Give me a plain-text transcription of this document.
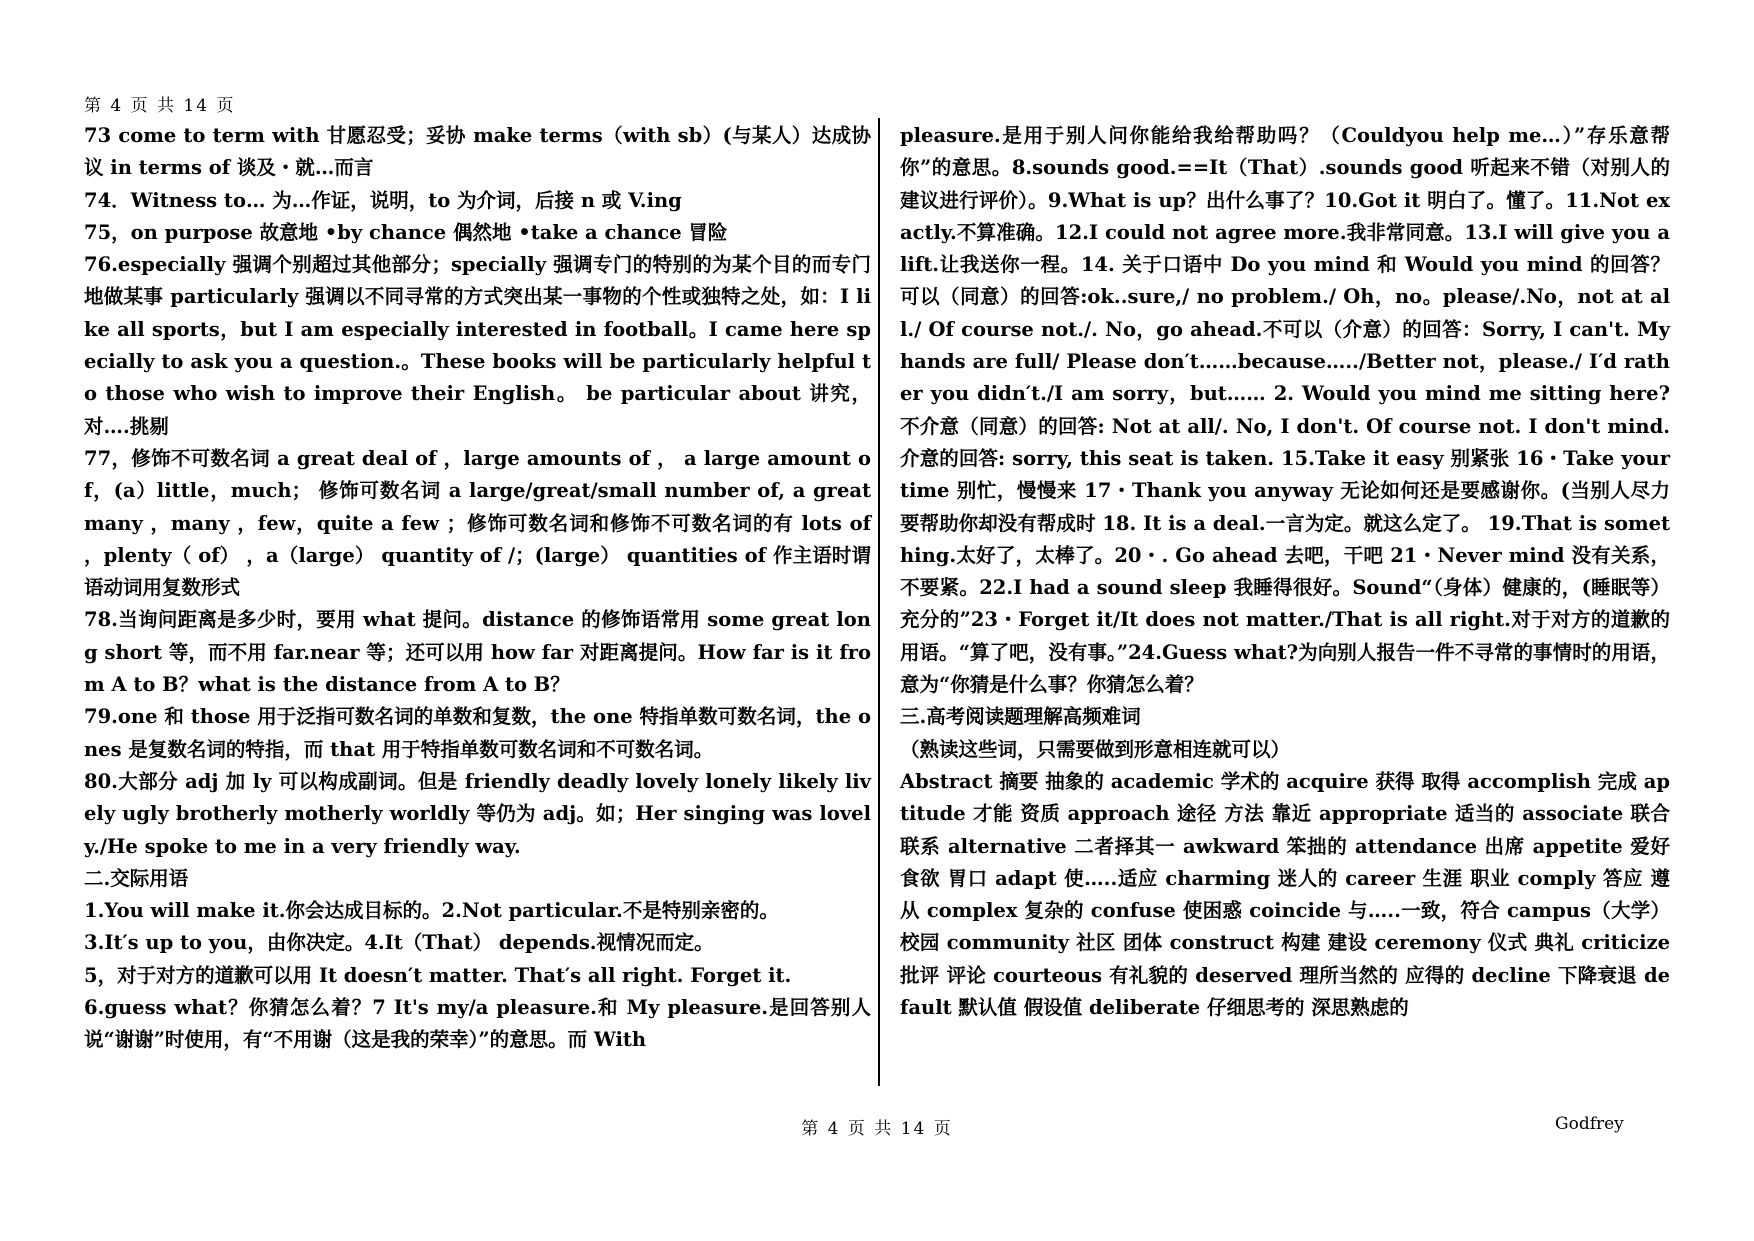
第 4 页 共 14 页

73 come to term with 甘愿忍受；妥协 make terms（with sb）(与某人）达成协议 in terms of 谈及・就…而言

74．Witness to… 为…作证，说明，to 为介词，后接 n 或 V.ing

75，on purpose 故意地 •by chance 偶然地 •take a chance 冒险

76.especially 强调个别超过其他部分；specially 强调专门的特别的为某个目的而专门地做某事 particularly 强调以不同寻常的方式突出某一事物的个性或独特之处，如：I like all sports，but I am especially interested in football。I came here specially to ask you a question.。These books will be particularly helpful to those who wish to improve their English。 be particular about 讲究， 对….挑剔

77，修饰不可数名词 a great deal of ，large amounts of ， a large amount of，(a）little，much； 修饰可数名词 a large/great/small number of, a great many ，many ，few，quite a few ；修饰可数名词和修饰不可数名词的有 lots of ，plenty（ of） ，a（large） quantity of /；(large） quantities of 作主语时谓语动词用复数形式

78.当询问距离是多少时，要用 what 提问。distance 的修饰语常用 some great long short 等，而不用 far.near 等；还可以用 how far 对距离提问。How far is it from A to B？what is the distance from A to B？

79.one 和 those 用于泛指可数名词的单数和复数，the one 特指单数可数名词，the ones 是复数名词的特指，而 that 用于特指单数可数名词和不可数名词。

80.大部分 adj 加 ly 可以构成副词。但是 friendly deadly lovely lonely likely lively ugly brotherly motherly worldly 等仍为 adj。如；Her singing was lovely./He spoke to me in a very friendly way.

二.交际用语

1.You will make it.你会达成目标的。2.Not particular.不是特别亲密的。

3.It′s up to you，由你决定。4.It（That） depends.视情况而定。

5，对于对方的道歉可以用 It doesn′t matter. That′s all right. Forget it.

6.guess what？你猜怎么着？7 It's my/a pleasure.和 My pleasure.是回答别人说“谢谢”时使用，有“不用谢（这是我的荣幸）”的意思。而 With

pleasure.是用于别人问你能给我给帮助吗？（Couldyou help me…）”存乐意帮你”的意思。8.sounds good.==It（That）.sounds good 听起来不错（对别人的建议进行评价）。9.What is up？出什么事了？10.Got it 明白了。懂了。11.Not exactly.不算准确。12.I could not agree more.我非常同意。13.I will give you a lift.让我送你一程。14. 关于口语中 Do you mind 和 Would you mind 的回答？可以（同意）的回答:ok..sure,/ no problem./ Oh，no。please/.No，not at all./ Of course not./. No，go ahead.不可以（介意）的回答：Sorry, I can't. My hands are full/ Please don′t……because…../Better not，please./ I′d rather you didn′t./I am sorry，but…… 2. Would you mind me sitting here? 不介意（同意）的回答: Not at all/. No, I don't. Of course not. I don't mind. 介意的回答: sorry, this seat is taken. 15.Take it easy 别紧张 16・Take your time 别忙，慢慢来 17・Thank you anyway 无论如何还是要感谢你。(当别人尽力要帮助你却没有帮成时 18. It is a deal.一言为定。就这么定了。 19.That is something.太好了，太棒了。20・. Go ahead 去吧，干吧 21・Never mind 没有关系，不要紧。22.I had a sound sleep 我睡得很好。Sound“（身体）健康的，(睡眠等）充分的”23・Forget it/It does not matter./That is all right.对于对方的道歉的用语。“算了吧，没有事。”24.Guess what?为向别人报告一件不寻常的事情时的用语，意为“你猜是什么事？你猜怎么着？

三.高考阅读题理解高频难词

（熟读这些词，只需要做到形意相连就可以）

Abstract 摘要 抽象的 academic 学术的 acquire 获得 取得 accomplish 完成 aptitude 才能 资质 approach 途径 方法 靠近 appropriate 适当的 associate 联合 联系 alternative 二者择其一 awkward 笨拙的 attendance 出席 appetite 爱好 食欲 胃口 adapt 使…..适应 charming 迷人的 career 生涯 职业 comply 答应 遵从 complex 复杂的 confuse 使困惑 coincide 与…..一致，符合 campus（大学）校园 community 社区 团体 construct 构建 建设 ceremony 仪式 典礼 criticize 批评 评论 courteous 有礼貌的 deserved 理所当然的 应得的 decline 下降衰退 default 默认值 假设值 deliberate 仔细思考的 深思熟虑的

第 4 页 共 14 页	Godfrey
